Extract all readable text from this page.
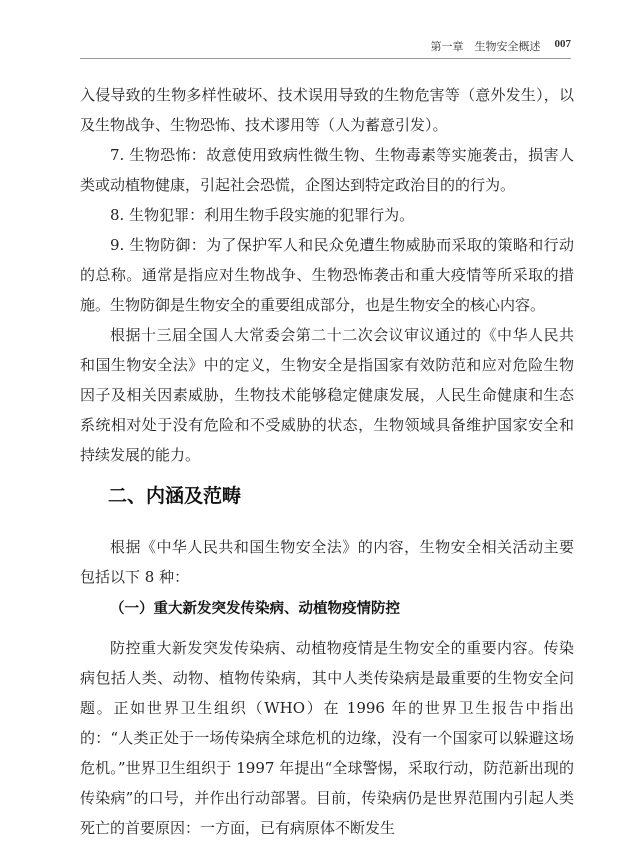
第一章　生物安全概述 007

入侵导致的生物多样性破坏、技术误用导致的生物危害等（意外发生），以及生物战争、生物恐怖、技术谬用等（人为蓄意引发）。

7. 生物恐怖：故意使用致病性微生物、生物毒素等实施袭击，损害人类或动植物健康，引起社会恐慌，企图达到特定政治目的的行为。

8. 生物犯罪：利用生物手段实施的犯罪行为。

9. 生物防御：为了保护军人和民众免遭生物威胁而采取的策略和行动的总称。通常是指应对生物战争、生物恐怖袭击和重大疫情等所采取的措施。生物防御是生物安全的重要组成部分，也是生物安全的核心内容。

根据十三届全国人大常委会第二十二次会议审议通过的《中华人民共和国生物安全法》中的定义，生物安全是指国家有效防范和应对危险生物因子及相关因素威胁，生物技术能够稳定健康发展，人民生命健康和生态系统相对处于没有危险和不受威胁的状态，生物领域具备维护国家安全和持续发展的能力。

二、内涵及范畴

根据《中华人民共和国生物安全法》的内容，生物安全相关活动主要包括以下 8 种：

（一）重大新发突发传染病、动植物疫情防控

防控重大新发突发传染病、动植物疫情是生物安全的重要内容。传染病包括人类、动物、植物传染病，其中人类传染病是最重要的生物安全问题。正如世界卫生组织（WHO）在 1996 年的世界卫生报告中指出的：“人类正处于一场传染病全球危机的边缘，没有一个国家可以躲避这场危机。”世界卫生组织于 1997 年提出“全球警惕，采取行动，防范新出现的传染病”的口号，并作出行动部署。目前，传染病仍是世界范围内引起人类死亡的首要原因：一方面，已有病原体不断发生
